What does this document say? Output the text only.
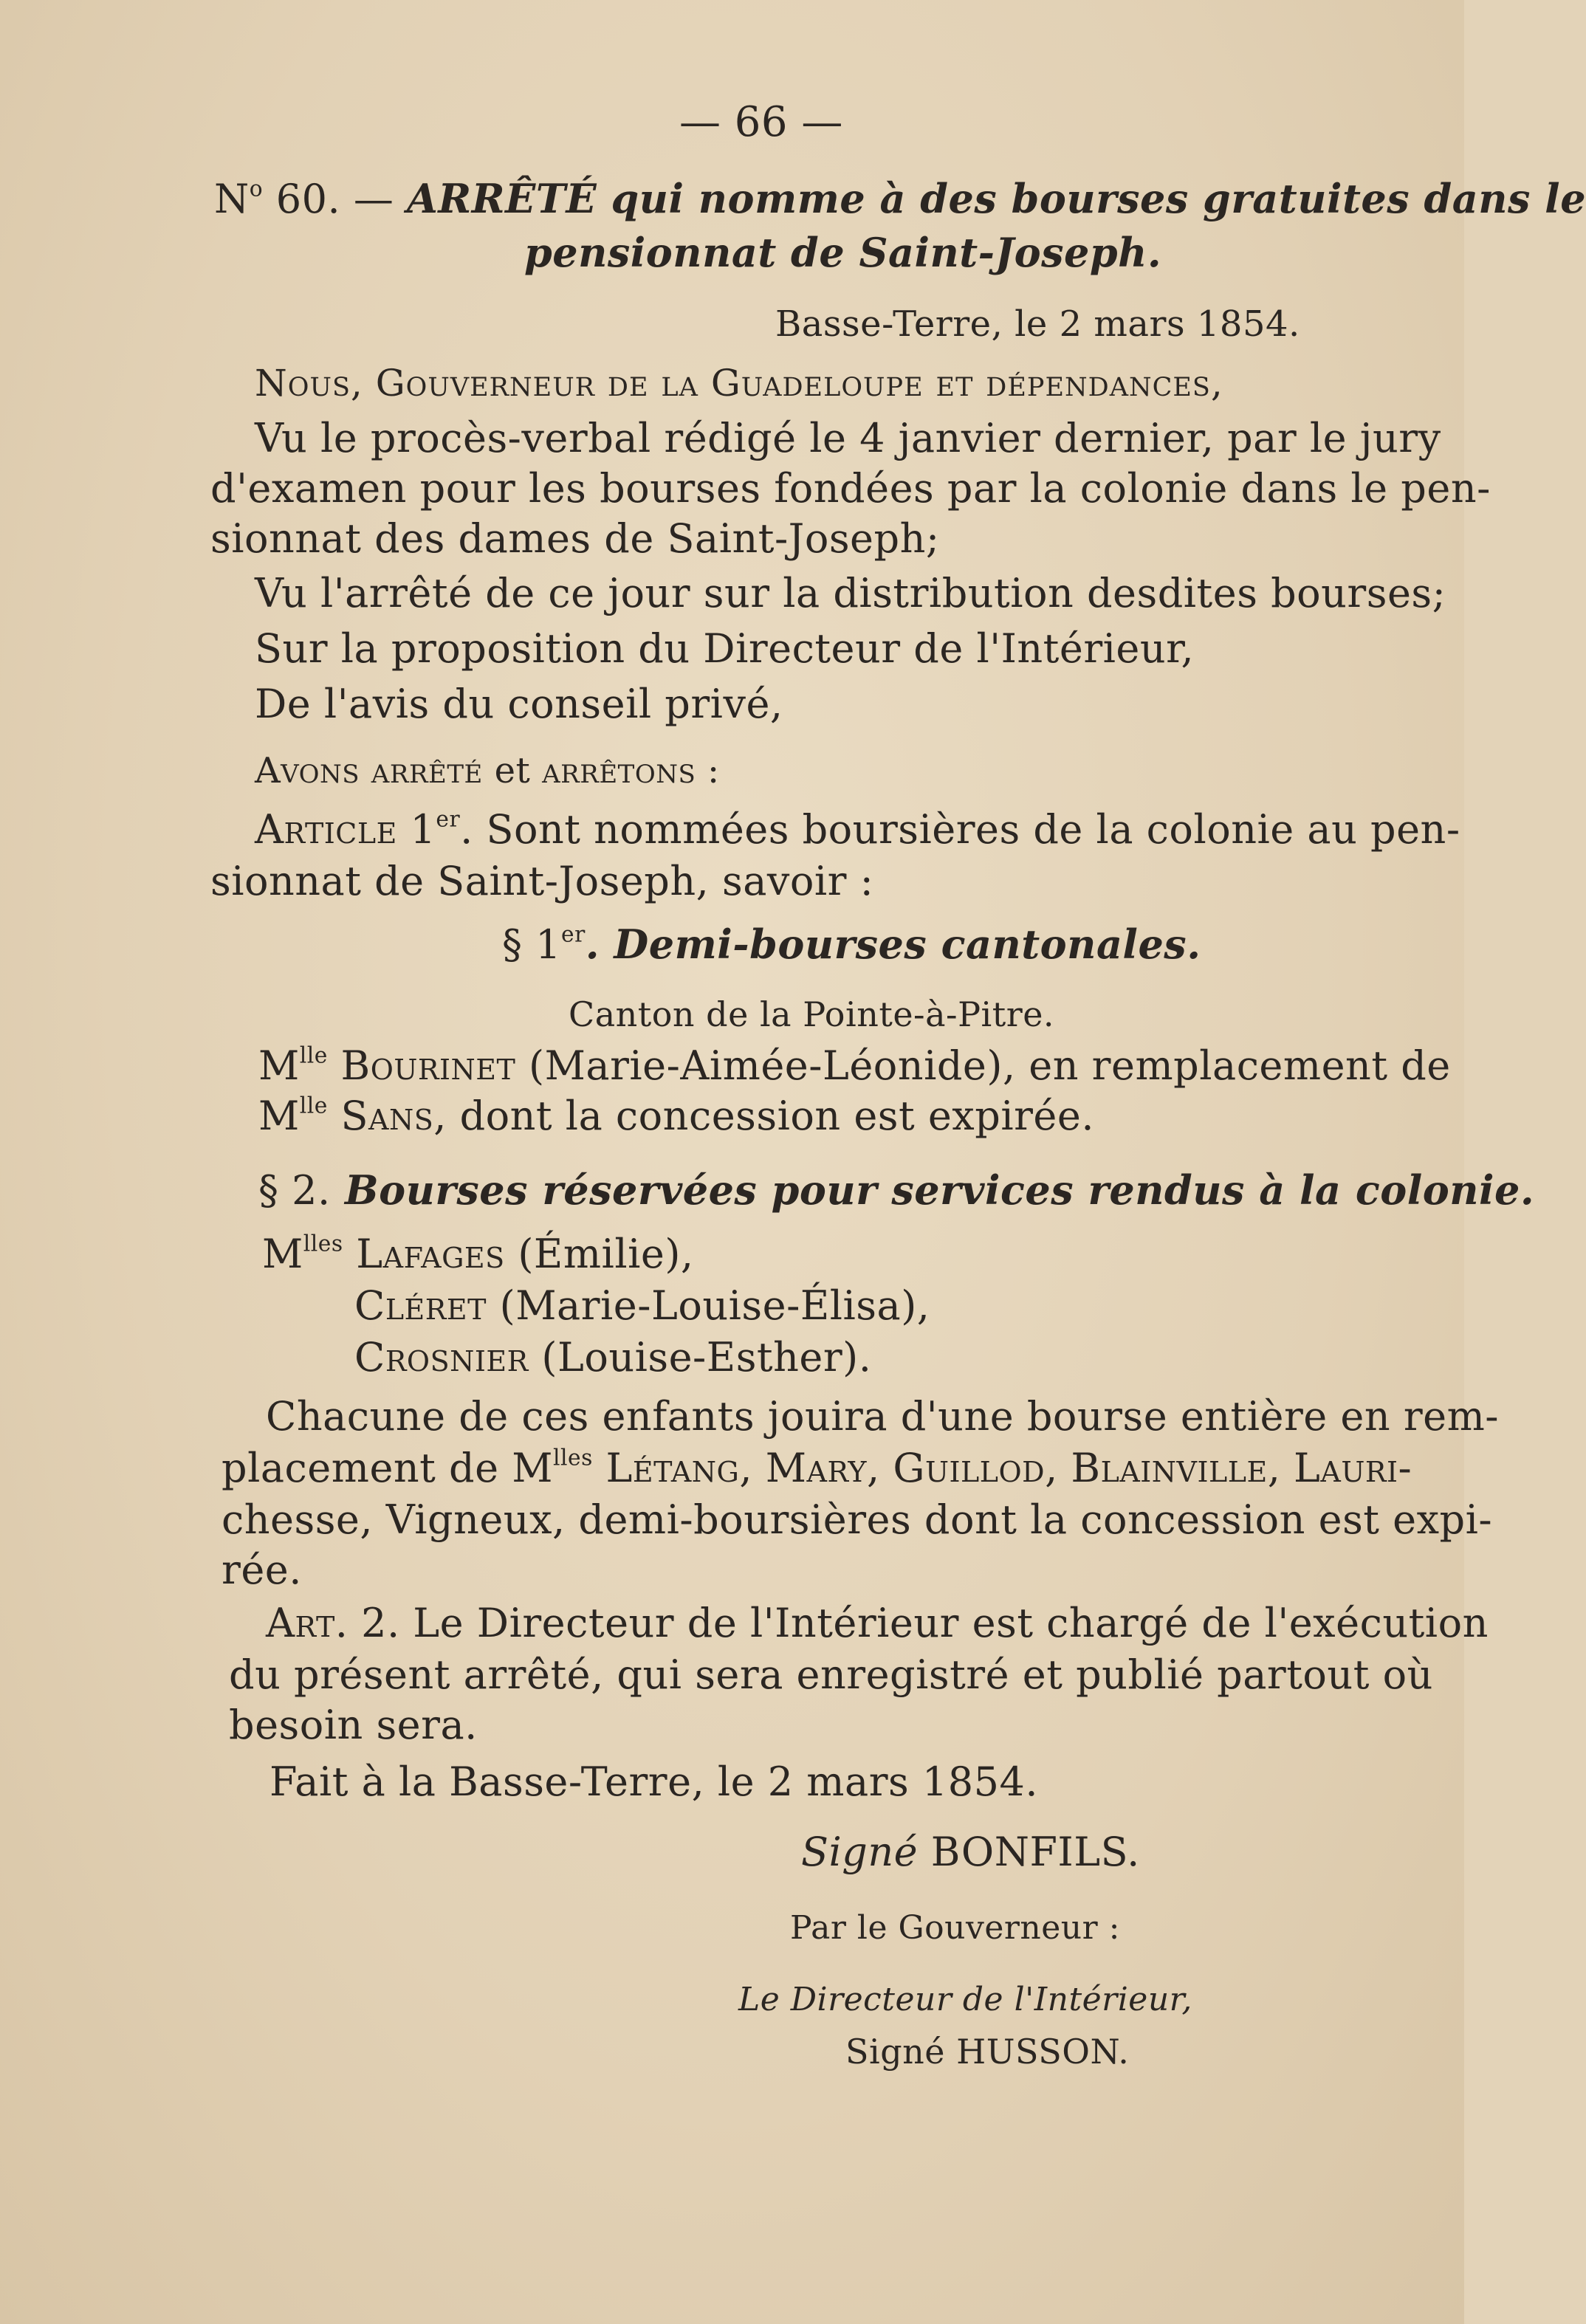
— 66 —
$N^o$ 60. — ARRÊTÉ qui nomme à des bourses gratuites dans le
pensionnat de Saint-Joseph.
Basse-Terre, le 2 mars 1854.
Nous, Gouverneur de la Guadeloupe et dépendances,
Vu le procès-verbal rédigé le 4 janvier dernier, par le jury
d'examen pour les bourses fondées par la colonie dans le pen-
sionnat des dames de Saint-Joseph;
Vu l'arrêté de ce jour sur la distribution desdites bourses;
Sur la proposition du Directeur de l'Intérieur,
De l'avis du conseil privé,
Avons arrêté et arrêtons :
Article 1er. Sont nommées boursières de la colonie au pen-
sionnat de Saint-Joseph, savoir :
§ 1er. Demi-bourses cantonales.
Canton de la Pointe-à-Pitre.
$M^{lle}$ Bourinet (Marie-Aimée-Léonide), en remplacement de
$M^{lle}$ Sans, dont la concession est expirée.
§ 2. Bourses réservées pour services rendus à la colonie.
$M^{lles}$ Lafages (Émilie),
Cléret (Marie-Louise-Élisa),
Crosnier (Louise-Esther).
Chacune de ces enfants jouira d'une bourse entière en rem-
placement de $M^{lles}$ Létang, Mary, Guillod, Blainville, Lauri-
chesse, Vigneux, demi-boursières dont la concession est expi-
rée.
Art. 2. Le Directeur de l'Intérieur est chargé de l'exécution
du présent arrêté, qui sera enregistré et publié partout où
besoin sera.
Fait à la Basse-Terre, le 2 mars 1854.
Signé BONFILS.
Par le Gouverneur :
Le Directeur de l'Intérieur,
Signé HUSSON.
